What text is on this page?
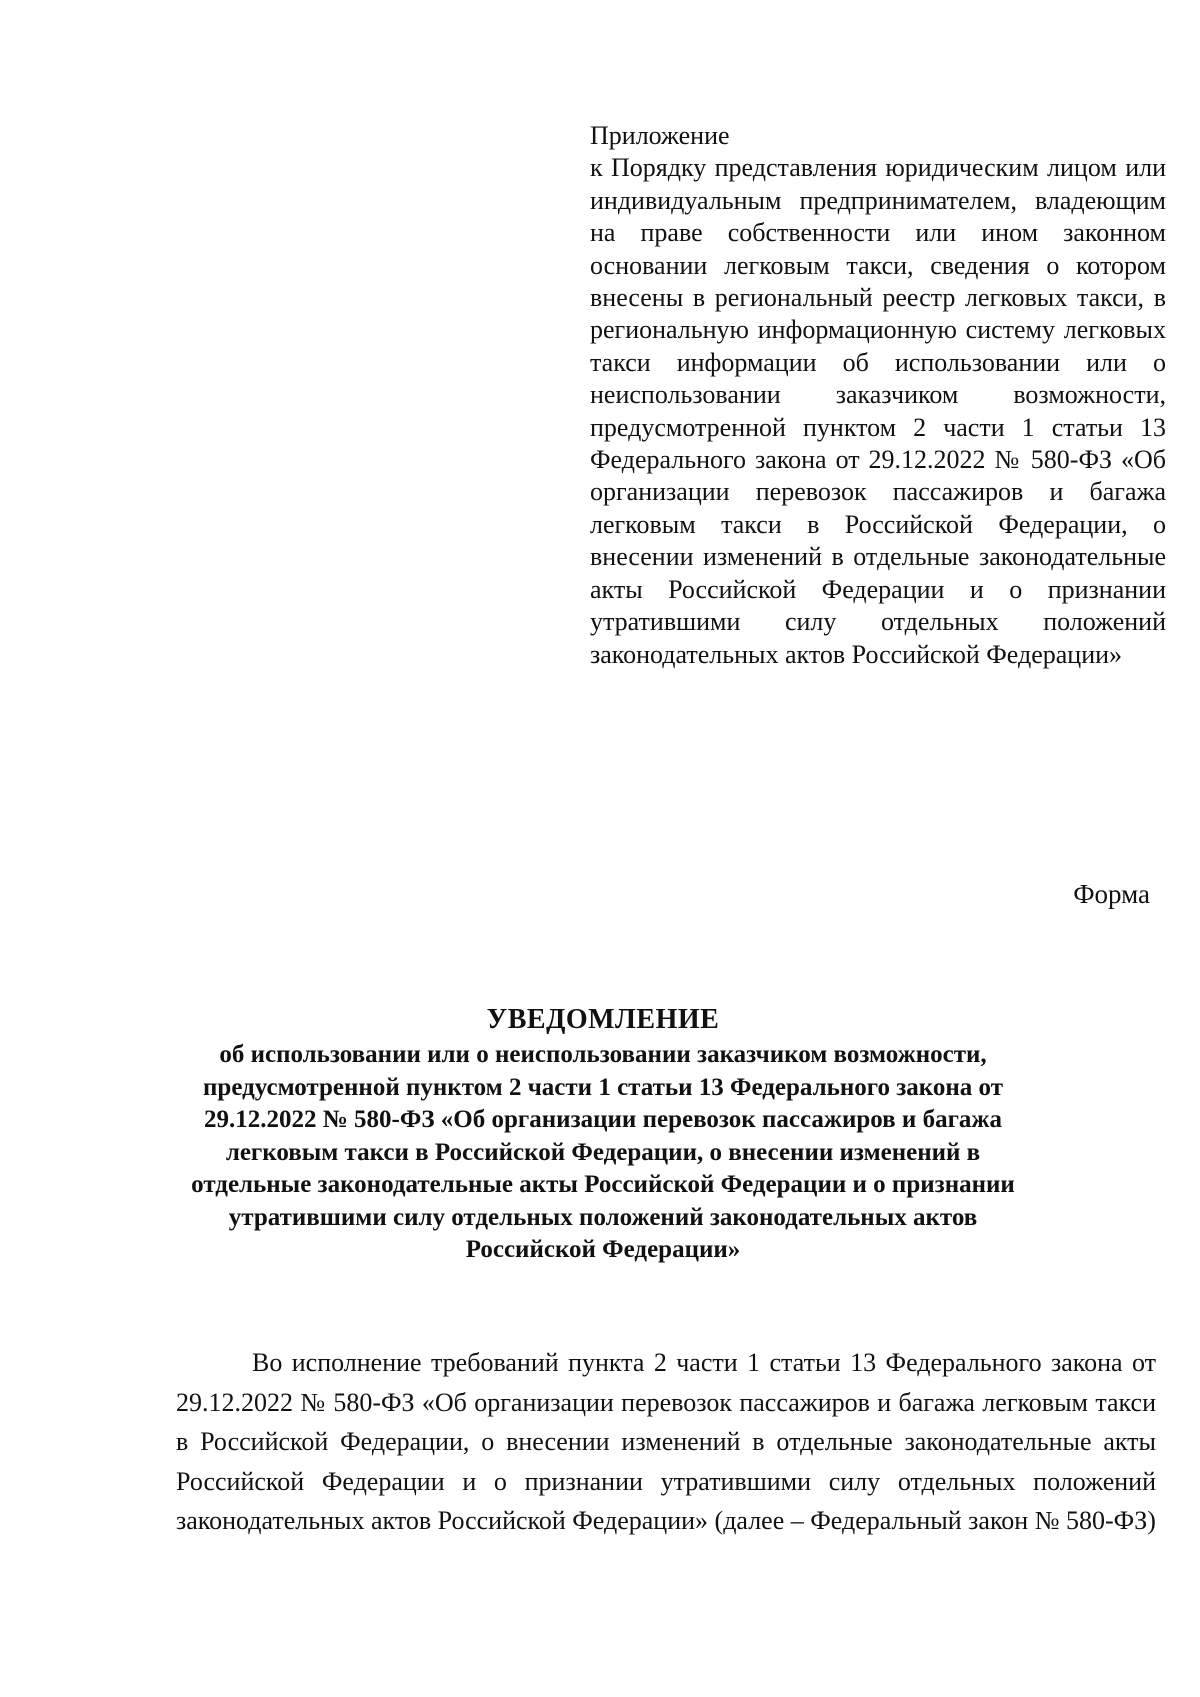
Приложение
к Порядку представления юридическим лицом или индивидуальным предпринимателем, владеющим на праве собственности или ином законном основании легковым такси, сведения о котором внесены в региональный реестр легковых такси, в региональную информационную систему легковых такси информации об использовании или о неиспользовании заказчиком возможности, предусмотренной пунктом 2 части 1 статьи 13 Федерального закона от 29.12.2022 № 580-ФЗ «Об организации перевозок пассажиров и багажа легковым такси в Российской Федерации, о внесении изменений в отдельные законодательные акты Российской Федерации и о признании утратившими силу отдельных положений законодательных актов Российской Федерации»
Форма
УВЕДОМЛЕНИЕ
об использовании или о неиспользовании заказчиком возможности, предусмотренной пунктом 2 части 1 статьи 13 Федерального закона от 29.12.2022 № 580-ФЗ «Об организации перевозок пассажиров и багажа легковым такси в Российской Федерации, о внесении изменений в отдельные законодательные акты Российской Федерации и о признании утратившими силу отдельных положений законодательных актов Российской Федерации»
Во исполнение требований пункта 2 части 1 статьи 13 Федерального закона от 29.12.2022 № 580-ФЗ «Об организации перевозок пассажиров и багажа легковым такси в Российской Федерации, о внесении изменений в отдельные законодательные акты Российской Федерации и о признании утратившими силу отдельных положений законодательных актов Российской Федерации» (далее – Федеральный закон № 580-ФЗ)
